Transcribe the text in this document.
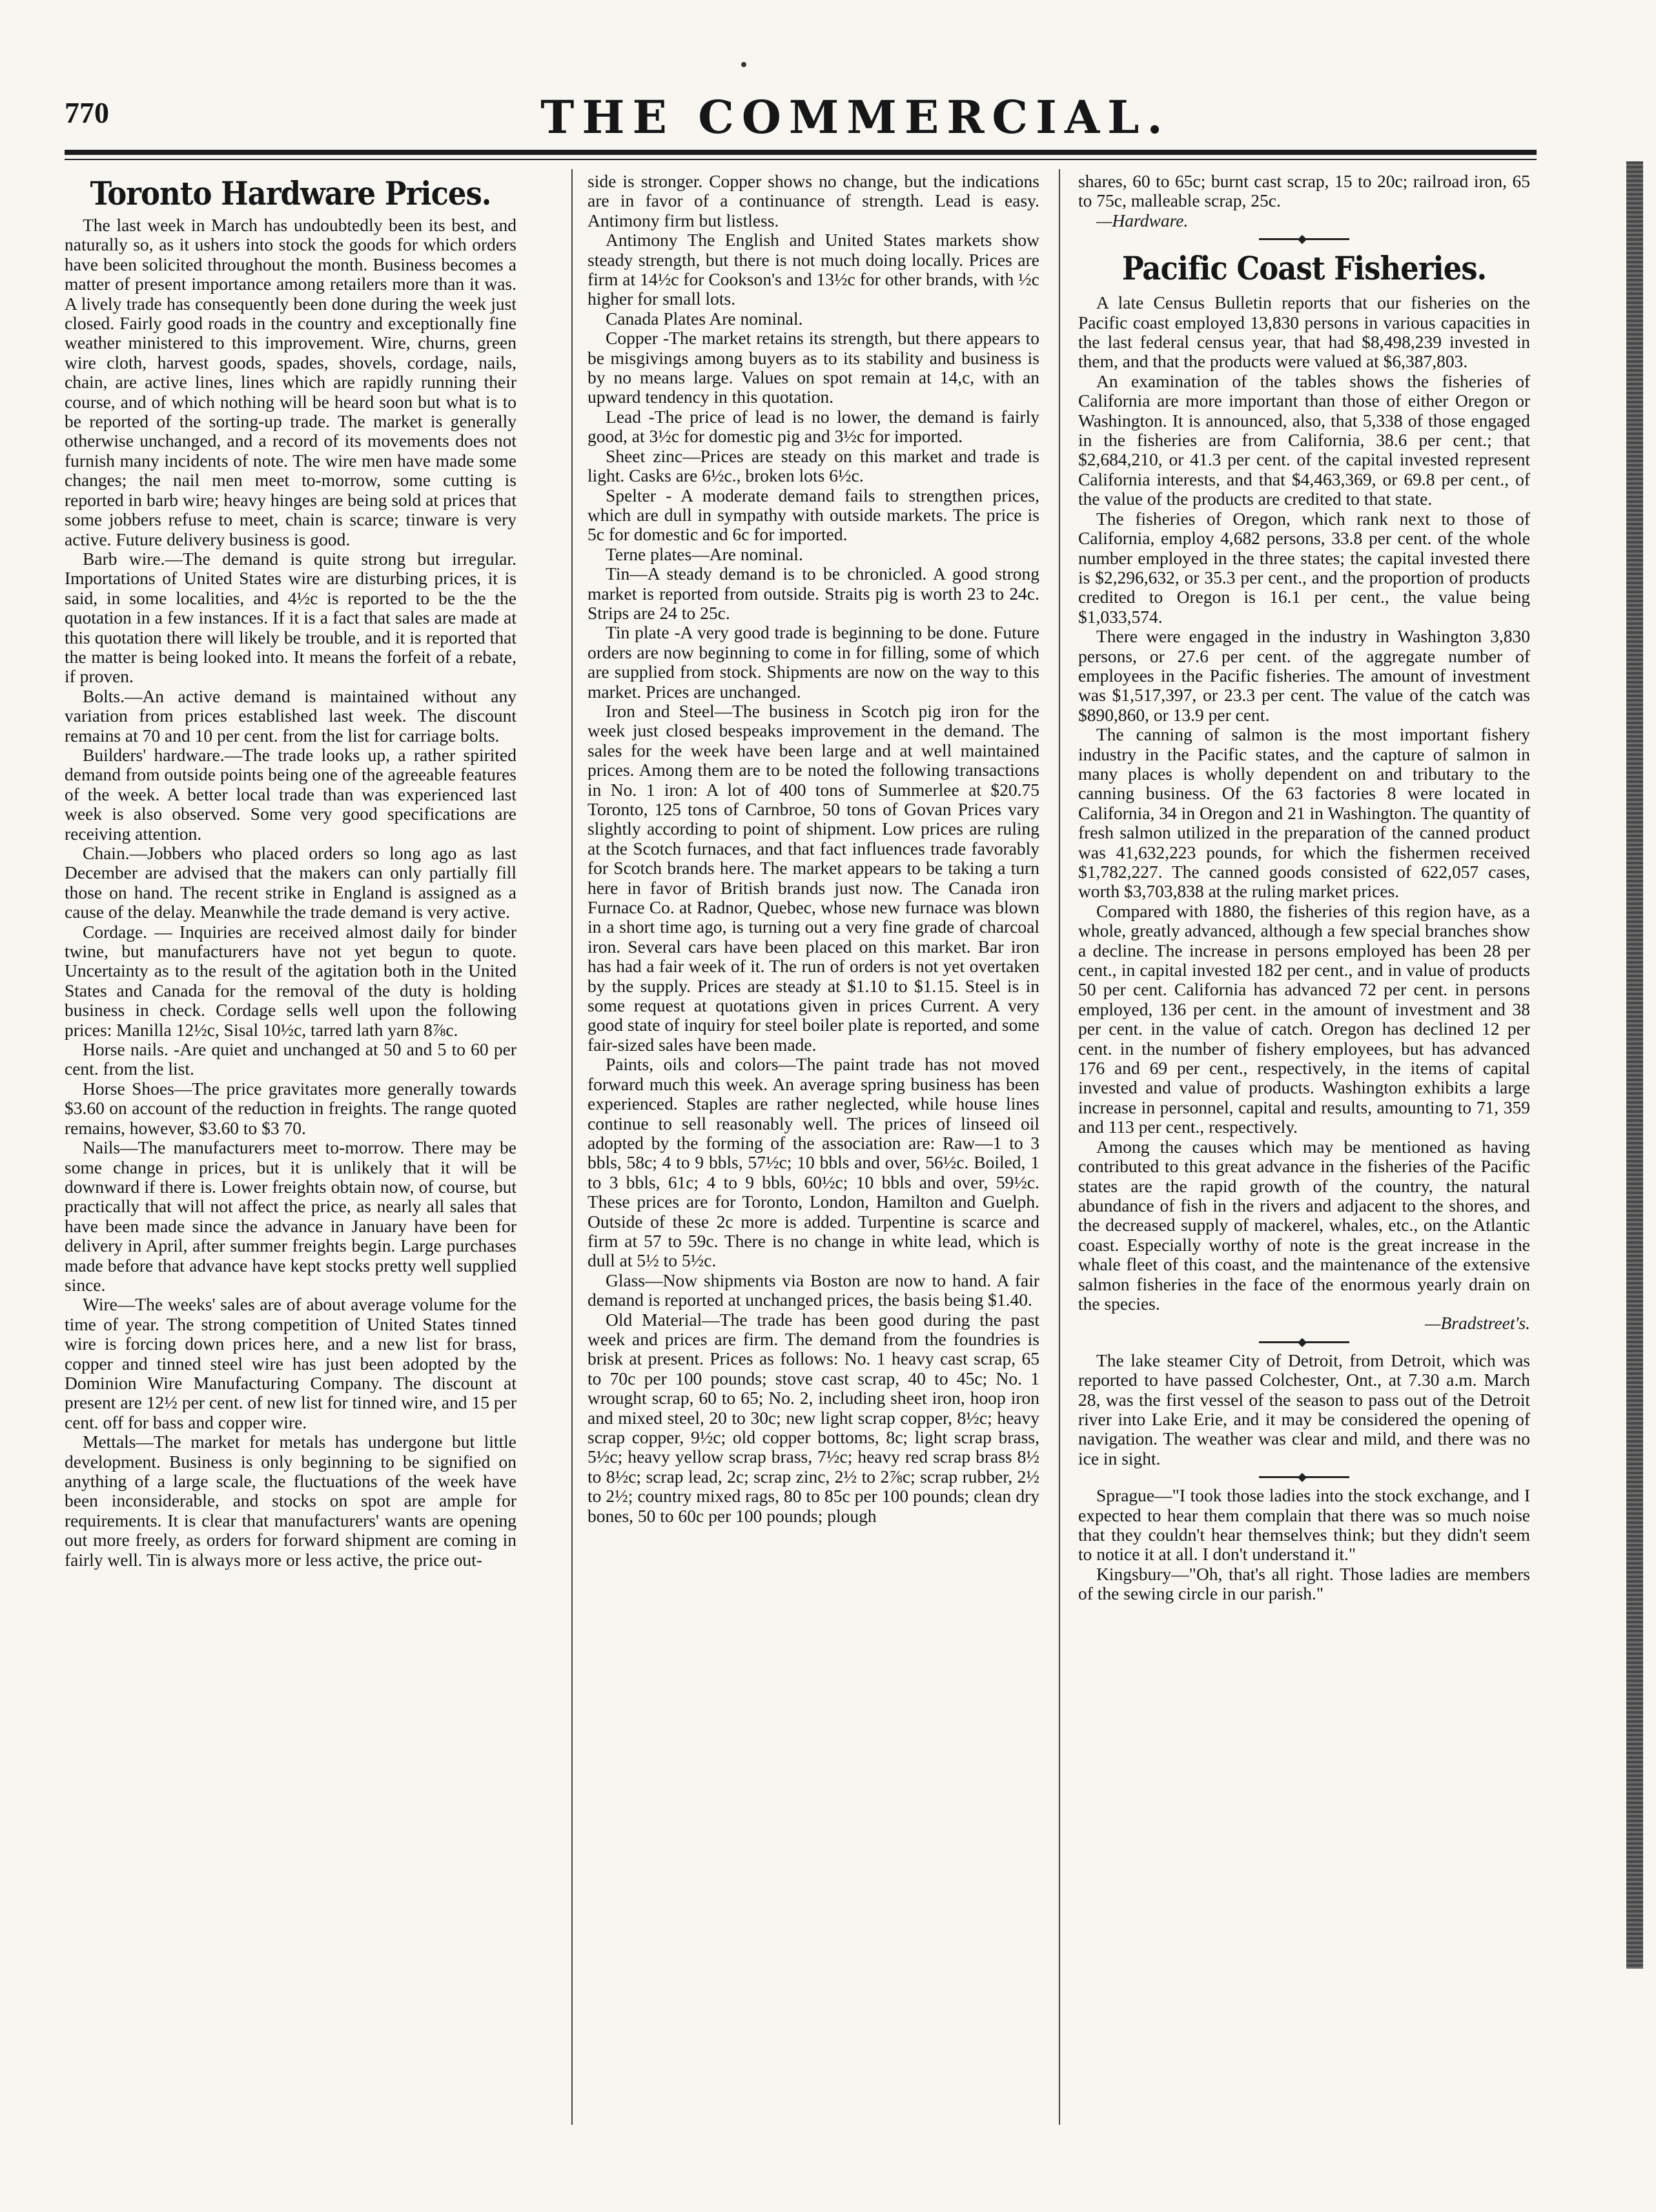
770	THE COMMERCIAL.
Toronto Hardware Prices.

The last week in March has undoubtedly been its best, and naturally so, as it ushers into stock the goods for which orders have been solicited throughout the month. Business becomes a matter of present importance among retailers more than it was. A lively trade has consequently been done during the week just closed. Fairly good roads in the country and exceptionally fine weather ministered to this improvement. Wire, churns, green wire cloth, harvest goods, spades, shovels, cordage, nails, chain, are active lines, lines which are rapidly running their course, and of which nothing will be heard soon but what is to be reported of the sorting-up trade. The market is generally otherwise unchanged, and a record of its movements does not furnish many incidents of note. The wire men have made some changes; the nail men meet to-morrow, some cutting is reported in barb wire; heavy hinges are being sold at prices that some jobbers refuse to meet, chain is scarce; tinware is very active. Future delivery business is good.

Barb wire.—The demand is quite strong but irregular. Importations of United States wire are disturbing prices, it is said, in some localities, and 4½c is reported to be the the quotation in a few instances. If it is a fact that sales are made at this quotation there will likely be trouble, and it is reported that the matter is being looked into. It means the forfeit of a rebate, if proven.

Bolts.—An active demand is maintained without any variation from prices established last week. The discount remains at 70 and 10 per cent. from the list for carriage bolts.

Builders' hardware.—The trade looks up, a rather spirited demand from outside points being one of the agreeable features of the week. A better local trade than was experienced last week is also observed. Some very good specifications are receiving attention.

Chain.—Jobbers who placed orders so long ago as last December are advised that the makers can only partially fill those on hand. The recent strike in England is assigned as a cause of the delay. Meanwhile the trade demand is very active.

Cordage. — Inquiries are received almost daily for binder twine, but manufacturers have not yet begun to quote. Uncertainty as to the result of the agitation both in the United States and Canada for the removal of the duty is holding business in check. Cordage sells well upon the following prices: Manilla 12½c, Sisal 10½c, tarred lath yarn 8⅞c.

Horse nails. -Are quiet and unchanged at 50 and 5 to 60 per cent. from the list.

Horse Shoes—The price gravitates more generally towards $3.60 on account of the reduction in freights. The range quoted remains, however, $3.60 to $3 70.

Nails—The manufacturers meet to-morrow. There may be some change in prices, but it is unlikely that it will be downward if there is. Lower freights obtain now, of course, but practically that will not affect the price, as nearly all sales that have been made since the advance in January have been for delivery in April, after summer freights begin. Large purchases made before that advance have kept stocks pretty well supplied since.

Wire—The weeks' sales are of about average volume for the time of year. The strong competition of United States tinned wire is forcing down prices here, and a new list for brass, copper and tinned steel wire has just been adopted by the Dominion Wire Manufacturing Company. The discount at present are 12½ per cent. of new list for tinned wire, and 15 per cent. off for bass and copper wire.

Mettals—The market for metals has undergone but little development. Business is only beginning to be signified on anything of a large scale, the fluctuations of the week have been inconsiderable, and stocks on spot are ample for requirements. It is clear that manufacturers' wants are opening out more freely, as orders for forward shipment are coming in fairly well. Tin is always more or less active, the price out-

side is stronger. Copper shows no change, but the indications are in favor of a continuance of strength. Lead is easy. Antimony firm but listless.

Antimony The English and United States markets show steady strength, but there is not much doing locally. Prices are firm at 14½c for Cookson's and 13½c for other brands, with ½c higher for small lots.

Canada Plates Are nominal.

Copper -The market retains its strength, but there appears to be misgivings among buyers as to its stability and business is by no means large. Values on spot remain at 14,c, with an upward tendency in this quotation.

Lead -The price of lead is no lower, the demand is fairly good, at 3½c for domestic pig and 3½c for imported.

Sheet zinc—Prices are steady on this market and trade is light. Casks are 6½c., broken lots 6½c.

Spelter - A moderate demand fails to strengthen prices, which are dull in sympathy with outside markets. The price is 5c for domestic and 6c for imported.

Terne plates—Are nominal.

Tin—A steady demand is to be chronicled. A good strong market is reported from outside. Straits pig is worth 23 to 24c. Strips are 24 to 25c.

Tin plate -A very good trade is beginning to be done. Future orders are now beginning to come in for filling, some of which are supplied from stock. Shipments are now on the way to this market. Prices are unchanged.

Iron and Steel—The business in Scotch pig iron for the week just closed bespeaks improvement in the demand. The sales for the week have been large and at well maintained prices. Among them are to be noted the following transactions in No. 1 iron: A lot of 400 tons of Summerlee at $20.75 Toronto, 125 tons of Carnbroe, 50 tons of Govan Prices vary slightly according to point of shipment. Low prices are ruling at the Scotch furnaces, and that fact influences trade favorably for Scotch brands here. The market appears to be taking a turn here in favor of British brands just now. The Canada iron Furnace Co. at Radnor, Quebec, whose new furnace was blown in a short time ago, is turning out a very fine grade of charcoal iron. Several cars have been placed on this market. Bar iron has had a fair week of it. The run of orders is not yet overtaken by the supply. Prices are steady at $1.10 to $1.15. Steel is in some request at quotations given in prices Current. A very good state of inquiry for steel boiler plate is reported, and some fair-sized sales have been made.

Paints, oils and colors—The paint trade has not moved forward much this week. An average spring business has been experienced. Staples are rather neglected, while house lines continue to sell reasonably well. The prices of linseed oil adopted by the forming of the association are: Raw—1 to 3 bbls, 58c; 4 to 9 bbls, 57½c; 10 bbls and over, 56½c. Boiled, 1 to 3 bbls, 61c; 4 to 9 bbls, 60½c; 10 bbls and over, 59½c. These prices are for Toronto, London, Hamilton and Guelph. Outside of these 2c more is added. Turpentine is scarce and firm at 57 to 59c. There is no change in white lead, which is dull at 5½ to 5½c.

Glass—Now shipments via Boston are now to hand. A fair demand is reported at unchanged prices, the basis being $1.40.

Old Material—The trade has been good during the past week and prices are firm. The demand from the foundries is brisk at present. Prices as follows: No. 1 heavy cast scrap, 65 to 70c per 100 pounds; stove cast scrap, 40 to 45c; No. 1 wrought scrap, 60 to 65; No. 2, including sheet iron, hoop iron and mixed steel, 20 to 30c; new light scrap copper, 8½c; heavy scrap copper, 9½c; old copper bottoms, 8c; light scrap brass, 5½c; heavy yellow scrap brass, 7½c; heavy red scrap brass 8½ to 8½c; scrap lead, 2c; scrap zinc, 2½ to 2⅞c; scrap rubber, 2½ to 2½; country mixed rags, 80 to 85c per 100 pounds; clean dry bones, 50 to 60c per 100 pounds; plough

shares, 60 to 65c; burnt cast scrap, 15 to 20c; railroad iron, 65 to 75c, malleable scrap, 25c.

—Hardware.

Pacific Coast Fisheries.

A late Census Bulletin reports that our fisheries on the Pacific coast employed 13,830 persons in various capacities in the last federal census year, that had $8,498,239 invested in them, and that the products were valued at $6,387,803.

An examination of the tables shows the fisheries of California are more important than those of either Oregon or Washington. It is announced, also, that 5,338 of those engaged in the fisheries are from California, 38.6 per cent.; that $2,684,210, or 41.3 per cent. of the capital invested represent California interests, and that $4,463,369, or 69.8 per cent., of the value of the products are credited to that state.

The fisheries of Oregon, which rank next to those of California, employ 4,682 persons, 33.8 per cent. of the whole number employed in the three states; the capital invested there is $2,296,632, or 35.3 per cent., and the proportion of products credited to Oregon is 16.1 per cent., the value being $1,033,574.

There were engaged in the industry in Washington 3,830 persons, or 27.6 per cent. of the aggregate number of employees in the Pacific fisheries. The amount of investment was $1,517,397, or 23.3 per cent. The value of the catch was $890,860, or 13.9 per cent.

The canning of salmon is the most important fishery industry in the Pacific states, and the capture of salmon in many places is wholly dependent on and tributary to the canning business. Of the 63 factories 8 were located in California, 34 in Oregon and 21 in Washington. The quantity of fresh salmon utilized in the preparation of the canned product was 41,632,223 pounds, for which the fishermen received $1,782,227. The canned goods consisted of 622,057 cases, worth $3,703,838 at the ruling market prices.

Compared with 1880, the fisheries of this region have, as a whole, greatly advanced, although a few special branches show a decline. The increase in persons employed has been 28 per cent., in capital invested 182 per cent., and in value of products 50 per cent. California has advanced 72 per cent. in persons employed, 136 per cent. in the amount of investment and 38 per cent. in the value of catch. Oregon has declined 12 per cent. in the number of fishery employees, but has advanced 176 and 69 per cent., respectively, in the items of capital invested and value of products. Washington exhibits a large increase in personnel, capital and results, amounting to 71, 359 and 113 per cent., respectively.

Among the causes which may be mentioned as having contributed to this great advance in the fisheries of the Pacific states are the rapid growth of the country, the natural abundance of fish in the rivers and adjacent to the shores, and the decreased supply of mackerel, whales, etc., on the Atlantic coast. Especially worthy of note is the great increase in the whale fleet of this coast, and the maintenance of the extensive salmon fisheries in the face of the enormous yearly drain on the species.

—Bradstreet's.

The lake steamer City of Detroit, from Detroit, which was reported to have passed Colchester, Ont., at 7.30 a.m. March 28, was the first vessel of the season to pass out of the Detroit river into Lake Erie, and it may be considered the opening of navigation. The weather was clear and mild, and there was no ice in sight.

Sprague—"I took those ladies into the stock exchange, and I expected to hear them complain that there was so much noise that they couldn't hear themselves think; but they didn't seem to notice it at all. I don't understand it."

Kingsbury—"Oh, that's all right. Those ladies are members of the sewing circle in our parish."
